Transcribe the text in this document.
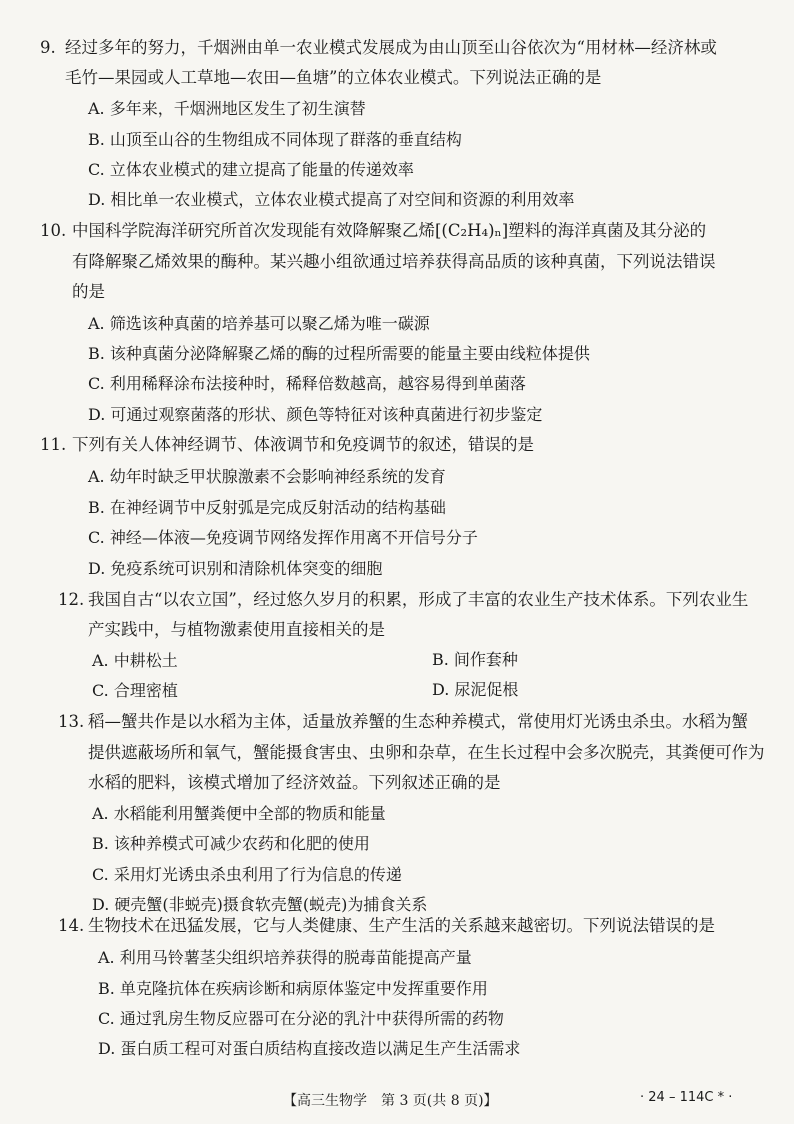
9. 经过多年的努力，千烟洲由单一农业模式发展成为由山顶至山谷依次为“用材林—经济林或
毛竹—果园或人工草地—农田—鱼塘”的立体农业模式。下列说法正确的是
A. 多年来，千烟洲地区发生了初生演替
B. 山顶至山谷的生物组成不同体现了群落的垂直结构
C. 立体农业模式的建立提高了能量的传递效率
D. 相比单一农业模式，立体农业模式提高了对空间和资源的利用效率
10. 中国科学院海洋研究所首次发现能有效降解聚乙烯[(C₂H₄)ₙ]塑料的海洋真菌及其分泌的
有降解聚乙烯效果的酶种。某兴趣小组欲通过培养获得高品质的该种真菌，下列说法错误
的是
A. 筛选该种真菌的培养基可以聚乙烯为唯一碳源
B. 该种真菌分泌降解聚乙烯的酶的过程所需要的能量主要由线粒体提供
C. 利用稀释涂布法接种时，稀释倍数越高，越容易得到单菌落
D. 可通过观察菌落的形状、颜色等特征对该种真菌进行初步鉴定
11. 下列有关人体神经调节、体液调节和免疫调节的叙述，错误的是
A. 幼年时缺乏甲状腺激素不会影响神经系统的发育
B. 在神经调节中反射弧是完成反射活动的结构基础
C. 神经—体液—免疫调节网络发挥作用离不开信号分子
D. 免疫系统可识别和清除机体突变的细胞
12. 我国自古“以农立国”，经过悠久岁月的积累，形成了丰富的农业生产技术体系。下列农业生
产实践中，与植物激素使用直接相关的是
A. 中耕松土	B. 间作套种
C. 合理密植	D. 尿泥促根
13. 稻—蟹共作是以水稻为主体，适量放养蟹的生态种养模式，常使用灯光诱虫杀虫。水稻为蟹
提供遮蔽场所和氧气，蟹能摄食害虫、虫卵和杂草，在生长过程中会多次脱壳，其粪便可作为
水稻的肥料，该模式增加了经济效益。下列叙述正确的是
A. 水稻能利用蟹粪便中全部的物质和能量
B. 该种养模式可减少农药和化肥的使用
C. 采用灯光诱虫杀虫利用了行为信息的传递
D. 硬壳蟹(非蜕壳)摄食软壳蟹(蜕壳)为捕食关系
14. 生物技术在迅猛发展，它与人类健康、生产生活的关系越来越密切。下列说法错误的是
A. 利用马铃薯茎尖组织培养获得的脱毒苗能提高产量
B. 单克隆抗体在疾病诊断和病原体鉴定中发挥重要作用
C. 通过乳房生物反应器可在分泌的乳汁中获得所需的药物
D. 蛋白质工程可对蛋白质结构直接改造以满足生产生活需求
【高三生物学　第 3 页(共 8 页)】	· 24 – 114C * ·
